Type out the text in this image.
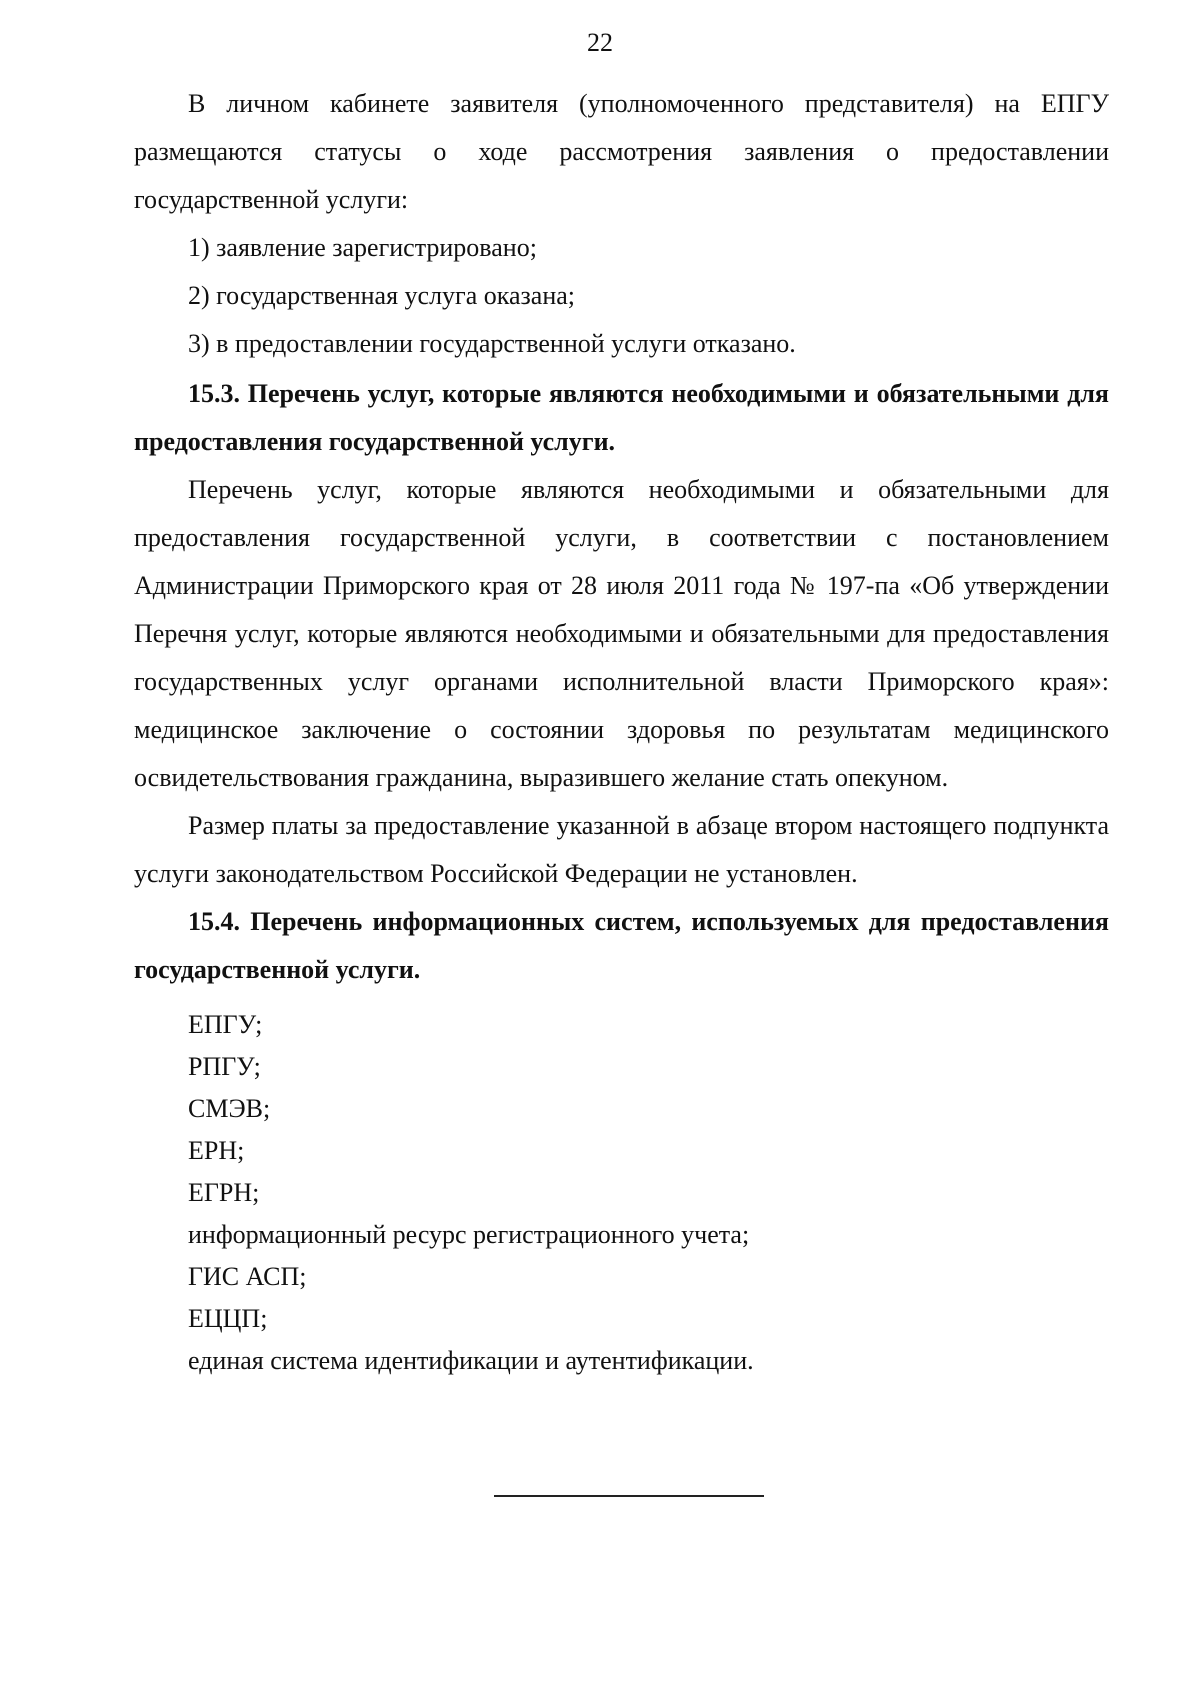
22

В личном кабинете заявителя (уполномоченного представителя) на ЕПГУ размещаются статусы о ходе рассмотрения заявления о предоставлении государственной услуги:

1) заявление зарегистрировано;

2) государственная услуга оказана;

3) в предоставлении государственной услуги отказано.

15.3. Перечень услуг, которые являются необходимыми и обязательными для предоставления государственной услуги.

Перечень услуг, которые являются необходимыми и обязательными для предоставления государственной услуги, в соответствии с постановлением Администрации Приморского края от 28 июля 2011 года № 197-па «Об утверждении Перечня услуг, которые являются необходимыми и обязательными для предоставления государственных услуг органами исполнительной власти Приморского края»: медицинское заключение о состоянии здоровья по результатам медицинского освидетельствования гражданина, выразившего желание стать опекуном.

Размер платы за предоставление указанной в абзаце втором настоящего подпункта услуги законодательством Российской Федерации не установлен.

15.4. Перечень информационных систем, используемых для предоставления государственной услуги.

ЕПГУ;
РПГУ;
СМЭВ;
ЕРН;
ЕГРН;
информационный ресурс регистрационного учета;
ГИС АСП;
ЕЦЦП;
единая система идентификации и аутентификации.
